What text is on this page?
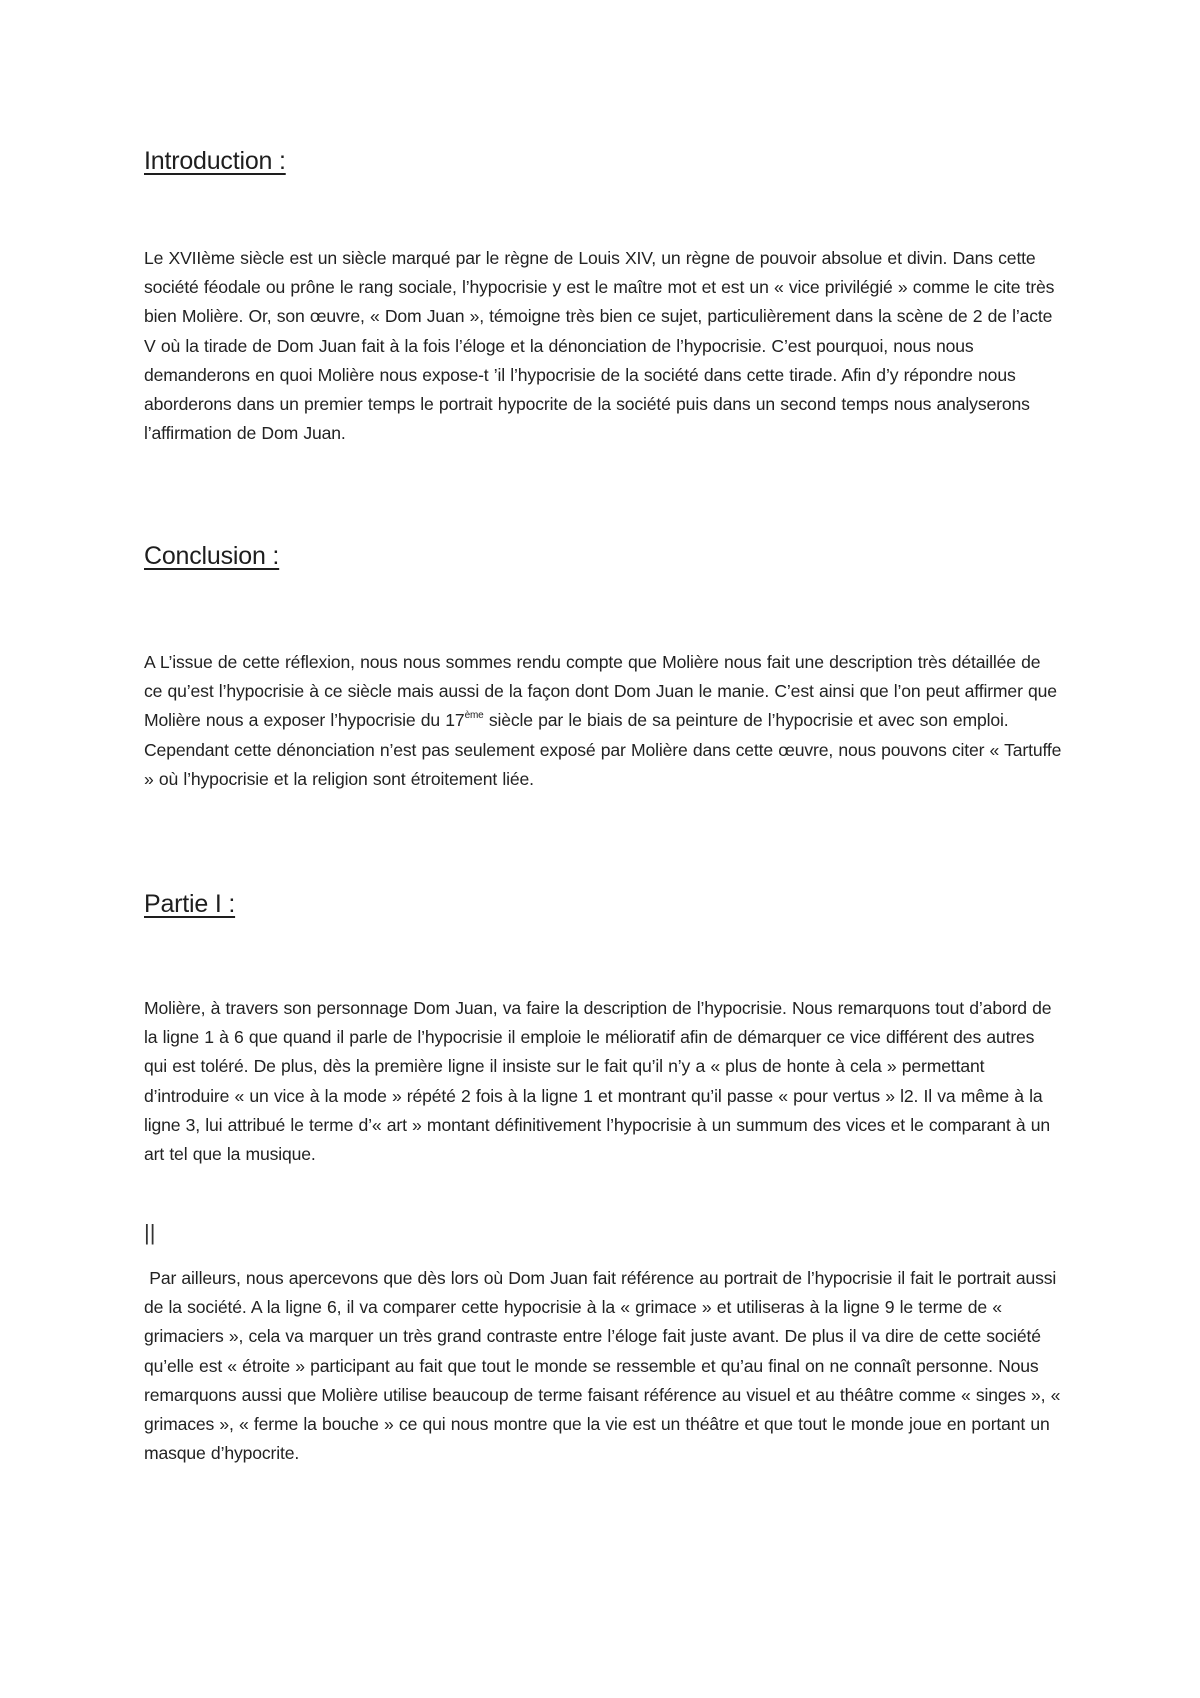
Introduction :

Le XVIIème siècle est un siècle marqué par le règne de Louis XIV, un règne de pouvoir absolue et divin. Dans cette société féodale ou prône le rang sociale, l’hypocrisie y est le maître mot et est un « vice privilégié » comme le cite très bien Molière. Or, son œuvre, « Dom Juan », témoigne très bien ce sujet, particulièrement dans la scène de 2 de l’acte V où la tirade de Dom Juan fait à la fois l’éloge et la dénonciation de l’hypocrisie. C’est pourquoi, nous nous demanderons en quoi Molière nous expose-t ’il l’hypocrisie de la société dans cette tirade. Afin d’y répondre nous aborderons dans un premier temps le portrait hypocrite de la société puis dans un second temps nous analyserons l’affirmation de Dom Juan.

Conclusion :

A L’issue de cette réflexion, nous nous sommes rendu compte que Molière nous fait une description très détaillée de ce qu’est l’hypocrisie à ce siècle mais aussi de la façon dont Dom Juan le manie. C’est ainsi que l’on peut affirmer que Molière nous a exposer l’hypocrisie du 17ème siècle par le biais de sa peinture de l’hypocrisie et avec son emploi. Cependant cette dénonciation n’est pas seulement exposé par Molière dans cette œuvre, nous pouvons citer « Tartuffe » où l’hypocrisie et la religion sont étroitement liée.

Partie I :

Molière, à travers son personnage Dom Juan, va faire la description de l’hypocrisie. Nous remarquons tout d’abord de la ligne 1 à 6 que quand il parle de l’hypocrisie il emploie le mélioratif afin de démarquer ce vice différent des autres qui est toléré. De plus, dès la première ligne il insiste sur le fait qu’il n’y a « plus de honte à cela » permettant d’introduire « un vice à la mode » répété 2 fois à la ligne 1 et montrant qu’il passe « pour vertus » l2. Il va même à la ligne 3, lui attribué le terme d’« art » montant définitivement l’hypocrisie à un summum des vices et le comparant à un art tel que la musique.

||

Par ailleurs, nous apercevons que dès lors où Dom Juan fait référence au portrait de l’hypocrisie il fait le portrait aussi de la société. A la ligne 6, il va comparer cette hypocrisie à la « grimace » et utiliseras à la ligne 9 le terme de « grimaciers », cela va marquer un très grand contraste entre l’éloge fait juste avant. De plus il va dire de cette société qu’elle est « étroite » participant au fait que tout le monde se ressemble et qu’au final on ne connaît personne. Nous remarquons aussi que Molière utilise beaucoup de terme faisant référence au visuel et au théâtre comme « singes », « grimaces », « ferme la bouche » ce qui nous montre que la vie est un théâtre et que tout le monde joue en portant un masque d’hypocrite.
